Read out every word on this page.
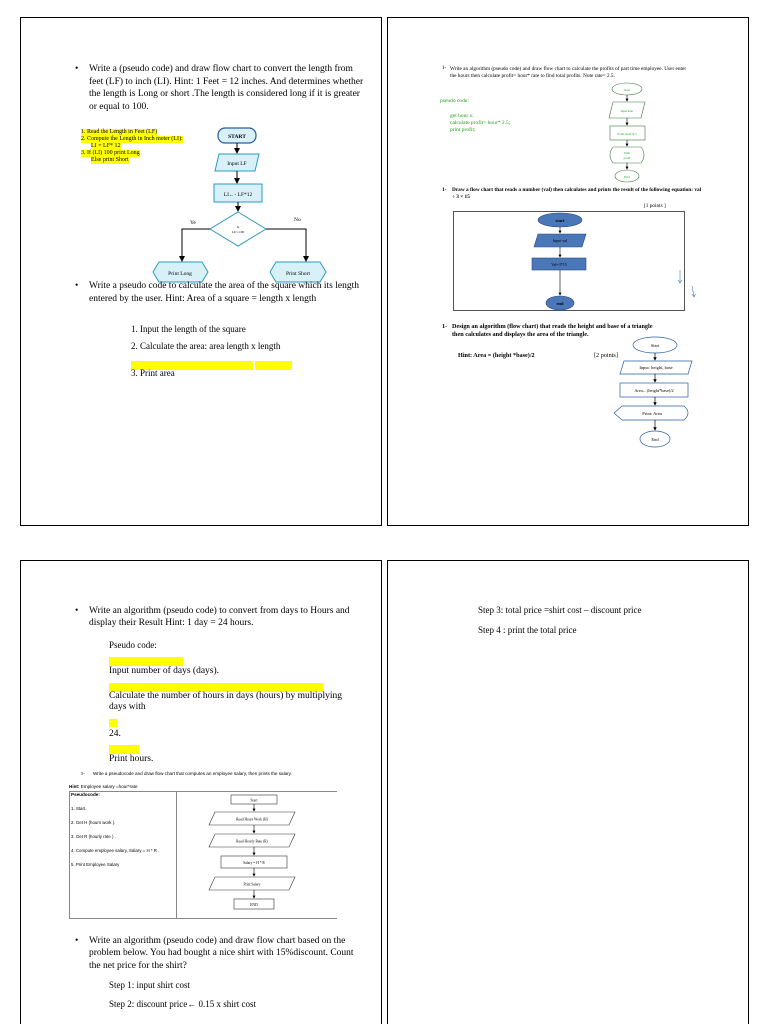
• Write a (pseudo code) and draw flow chart to convert the length from feet (LF) to inch (LI). Hint: 1 Feet = 12 inches. And determines whether the length is Long or short .The length is considered long if it is greater or equal to 100.
1. Read the Length in Feet (LF)
2. Compute the Length in Inch meter (LI):
LI = LF* 12
3. If (LI) 100 print Long
Else print Short
START
Input LF
LI←- LF*12
Is
LI>=100
Ye	No
Print Long	Print Short
• Write a pseudo code to calculate the area of the square which its length entered by the user. Hint: Area of a square = length x length
1. Input the length of the square
2. Calculate the area: area length x length
3. Print area
1- Write an algorithm (pseudo code) and draw flow chart to calculate the profits of part time employee. User enter the hours then calculate profit= hour* rate to find total profits. Note rate= 2.5.
pseudo code:
get hour x;
calculate profit= hour* 2.5;
print profit;
start
Input hour
Profit=hour*2.5
Print
profit
End
1- Draw a flow chart that reads a number (val) then calculates and prints the result of the following equation: val ÷ 3 × 15
[1 points ]
start
Input val
Val=3*15
end
1- Design an algorithm (flow chart) that reads the height and base of a triangle then calculates and displays the area of the triangle.
Hint: Area = (height *base)/2	[2 points]
Start
Input: height, base
Area←(height*base)/2
Print: Area
End
• Write an algorithm (pseudo code) to convert from days to Hours and display their Result Hint: 1 day = 24 hours.
Pseudo code:
Input number of days (days).
Calculate the number of hours in days (hours) by multiplying days with
24.
Print hours.
5- Write a pseudocode and draw flow chart that computes an employee salary, then prints the salary.
Hint: Employee salary =hour*rate
Pseudocode:
1. Start.
2. Get H (hours work ).
3. Get R (hourly rate ) .
4. Compute employee salary, Salary = H * R .
5. Print Employee Salary
Start
Read Hours Work (H)
Read Hourly Rate (R)
Salary = H * R
Print Salary
END
• Write an algorithm (pseudo code) and draw flow chart based on the problem below. You had bought a nice shirt with 15%discount. Count the net price for the shirt?
Step 1: input shirt cost
Step 2: discount price← 0.15 x shirt cost
Step 3: total price =shirt cost – discount price
Step 4 : print the total price
